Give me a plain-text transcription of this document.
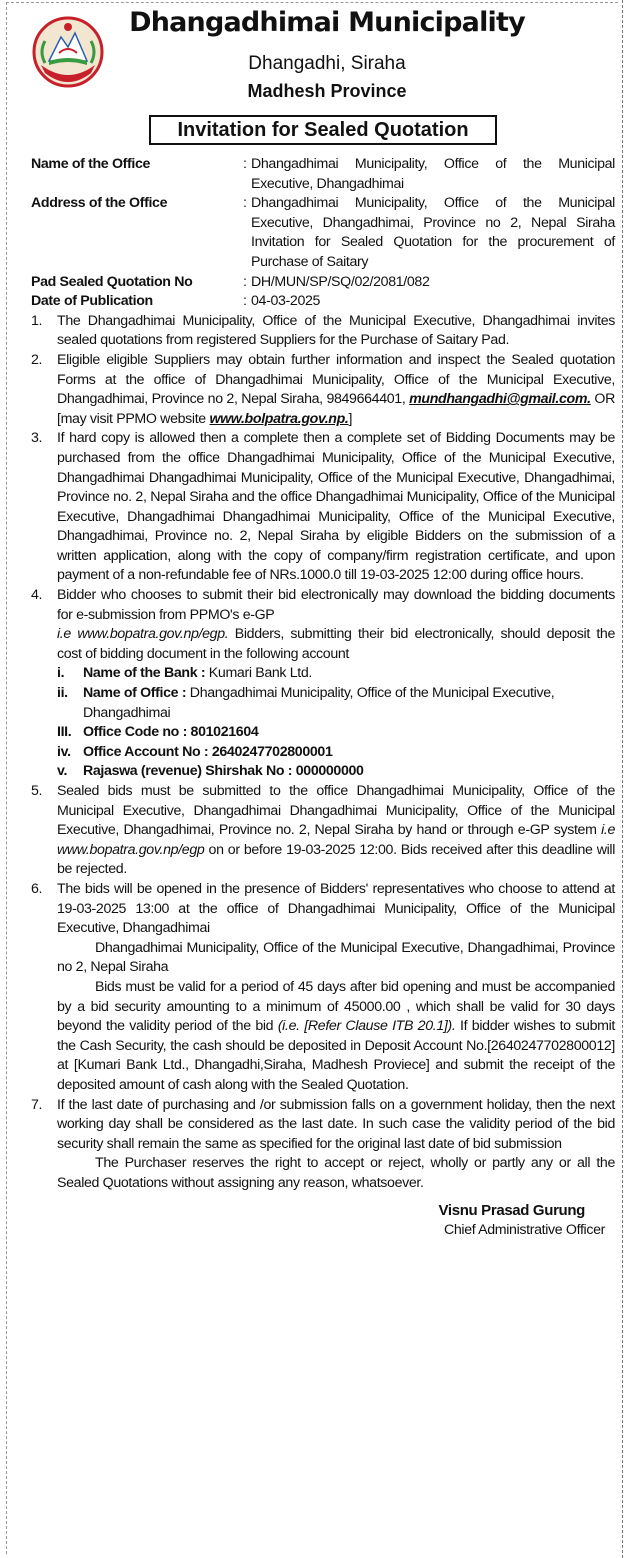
Dhangadhimai Municipality
Dhangadhi, Siraha
Madhesh Province
Invitation for Sealed Quotation
Name of the Office	: Dhangadhimai Municipality, Office of the Municipal Executive, Dhangadhimai
Address of the Office	: Dhangadhimai Municipality, Office of the Municipal Executive, Dhangadhimai, Province no 2, Nepal Siraha Invitation for Sealed Quotation for the procurement of Purchase of Saitary
Pad Sealed Quotation No	: DH/MUN/SP/SQ/02/2081/082
Date of Publication	: 04-03-2025
1.	The Dhangadhimai Municipality, Office of the Municipal Executive, Dhangadhimai invites sealed quotations from registered Suppliers for the Purchase of Saitary Pad.
2.	Eligible eligible Suppliers may obtain further information and inspect the Sealed quotation Forms at the office of Dhangadhimai Municipality, Office of the Municipal Executive, Dhangadhimai, Province no 2, Nepal Siraha, 9849664401, mundhangadhi@gmail.com. OR [may visit PPMO website www.bolpatra.gov.np.]
3.	If hard copy is allowed then a complete then a complete set of Bidding Documents may be purchased from the office Dhangadhimai Municipality, Office of the Municipal Executive, Dhangadhimai Dhangadhimai Municipality, Office of the Municipal Executive, Dhangadhimai, Province no. 2, Nepal Siraha and the office Dhangadhimai Municipality, Office of the Municipal Executive, Dhangadhimai Dhangadhimai Municipality, Office of the Municipal Executive, Dhangadhimai, Province no. 2, Nepal Siraha by eligible Bidders on the submission of a written application, along with the copy of company/firm registration certificate, and upon payment of a non-refundable fee of NRs.1000.0 till 19-03-2025 12:00 during office hours.
4.	Bidder who chooses to submit their bid electronically may download the bidding documents for e-submission from PPMO's e-GP
i.e www.bopatra.gov.np/egp. Bidders, submitting their bid electronically, should deposit the cost of bidding document in the following account
i.	Name of the Bank : Kumari Bank Ltd.
ii.	Name of Office : Dhangadhimai Municipality, Office of the Municipal Executive, Dhangadhimai
III. Office Code no : 801021604
iv. Office Account No : 2640247702800001
v.	Rajaswa (revenue) Shirshak No : 000000000
5.	Sealed bids must be submitted to the office Dhangadhimai Municipality, Office of the Municipal Executive, Dhangadhimai Dhangadhimai Municipality, Office of the Municipal Executive, Dhangadhimai, Province no. 2, Nepal Siraha by hand or through e-GP system i.e www.bopatra.gov.np/egp on or before 19-03-2025 12:00. Bids received after this deadline will be rejected.
6.	The bids will be opened in the presence of Bidders' representatives who choose to attend at 19-03-2025 13:00 at the office of Dhangadhimai Municipality, Office of the Municipal Executive, Dhangadhimai

Dhangadhimai Municipality, Office of the Municipal Executive, Dhangadhimai, Province no 2, Nepal Siraha

Bids must be valid for a period of 45 days after bid opening and must be accompanied by a bid security amounting to a minimum of 45000.00 , which shall be valid for 30 days beyond the validity period of the bid (i.e. [Refer Clause ITB 20.1]). If bidder wishes to submit the Cash Security, the cash should be deposited in Deposit Account No.[2640247702800012] at [Kumari Bank Ltd., Dhangadhi,Siraha, Madhesh Proviece] and submit the receipt of the deposited amount of cash along with the Sealed Quotation.

7.	If the last date of purchasing and /or submission falls on a government holiday, then the next working day shall be considered as the last date. In such case the validity period of the bid security shall remain the same as specified for the original last date of bid submission

The Purchaser reserves the right to accept or reject, wholly or partly any or all the Sealed Quotations without assigning any reason, whatsoever.

Visnu Prasad Gurung
Chief Administrative Officer
